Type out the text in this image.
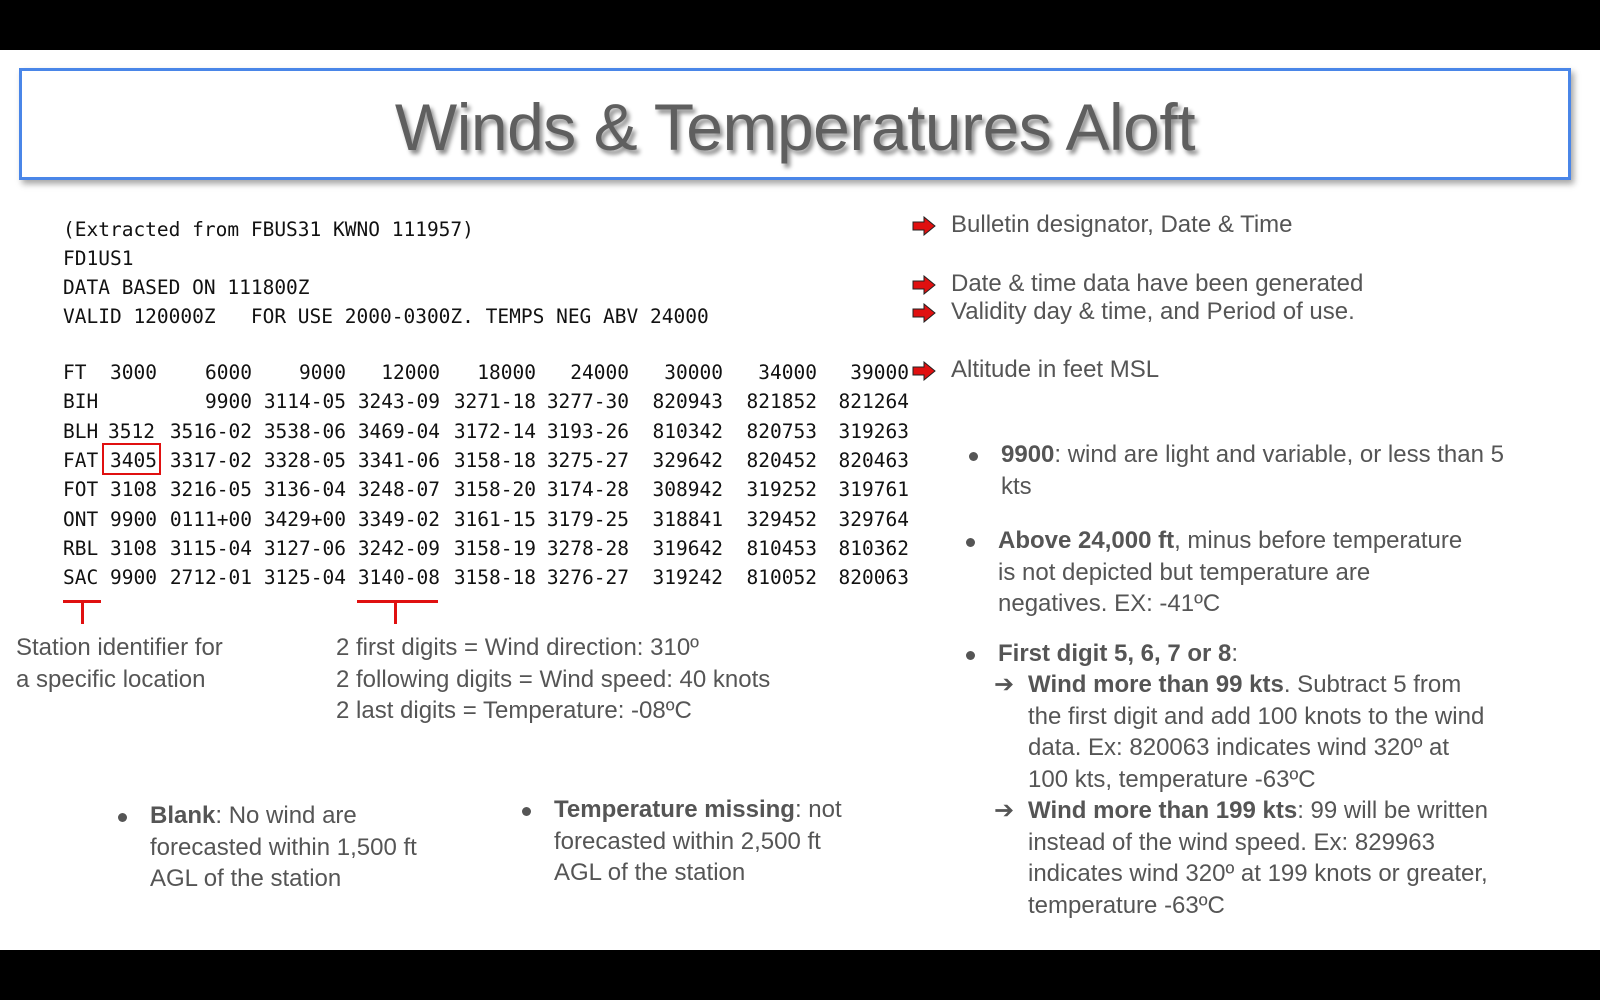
Winds & Temperatures Aloft
(Extracted from FBUS31 KWNO 111957)
FD1US1
DATA BASED ON 111800Z
VALID 120000Z   FOR USE 2000-0300Z. TEMPS NEG ABV 24000
FT 3000 6000 9000 12000 18000 24000 30000 34000 39000
BIH	9900 3114-05 3243-09 3271-18 3277-30 820943 821852 821264
BLH 3512 3516-02 3538-06 3469-04 3172-14 3193-26 810342 820753 319263
FAT 3405 3317-02 3328-05 3341-06 3158-18 3275-27 329642 820452 820463
FOT 3108 3216-05 3136-04 3248-07 3158-20 3174-28 308942 319252 319761
ONT 9900 0111+00 3429+00 3349-02 3161-15 3179-25 318841 329452 329764
RBL 3108 3115-04 3127-06 3242-09 3158-19 3278-28 319642 810453 810362
SAC 9900 2712-01 3125-04 3140-08 3158-18 3276-27 319242 810052 820063
Station identifier for
a specific location
2 first digits = Wind direction: 310º
2 following digits = Wind speed: 40 knots
2 last digits = Temperature: -08ºC
Blank: No wind are
forecasted within 1,500 ft
AGL of the station
Temperature missing: not
forecasted within 2,500 ft
AGL of the station
Bulletin designator, Date & Time
Date & time data have been generated
Validity day & time, and Period of use.
Altitude in feet MSL
9900: wind are light and variable, or less than 5
kts
Above 24,000 ft, minus before temperature
is not depicted but temperature are
negatives. EX: -41ºC
First digit 5, 6, 7 or 8:
➔ Wind more than 99 kts. Subtract 5 from
the first digit and add 100 knots to the wind
data. Ex: 820063 indicates wind 320º at
100 kts, temperature -63ºC
➔ Wind more than 199 kts: 99 will be written
instead of the wind speed. Ex: 829963
indicates wind 320º at 199 knots or greater,
temperature -63ºC
